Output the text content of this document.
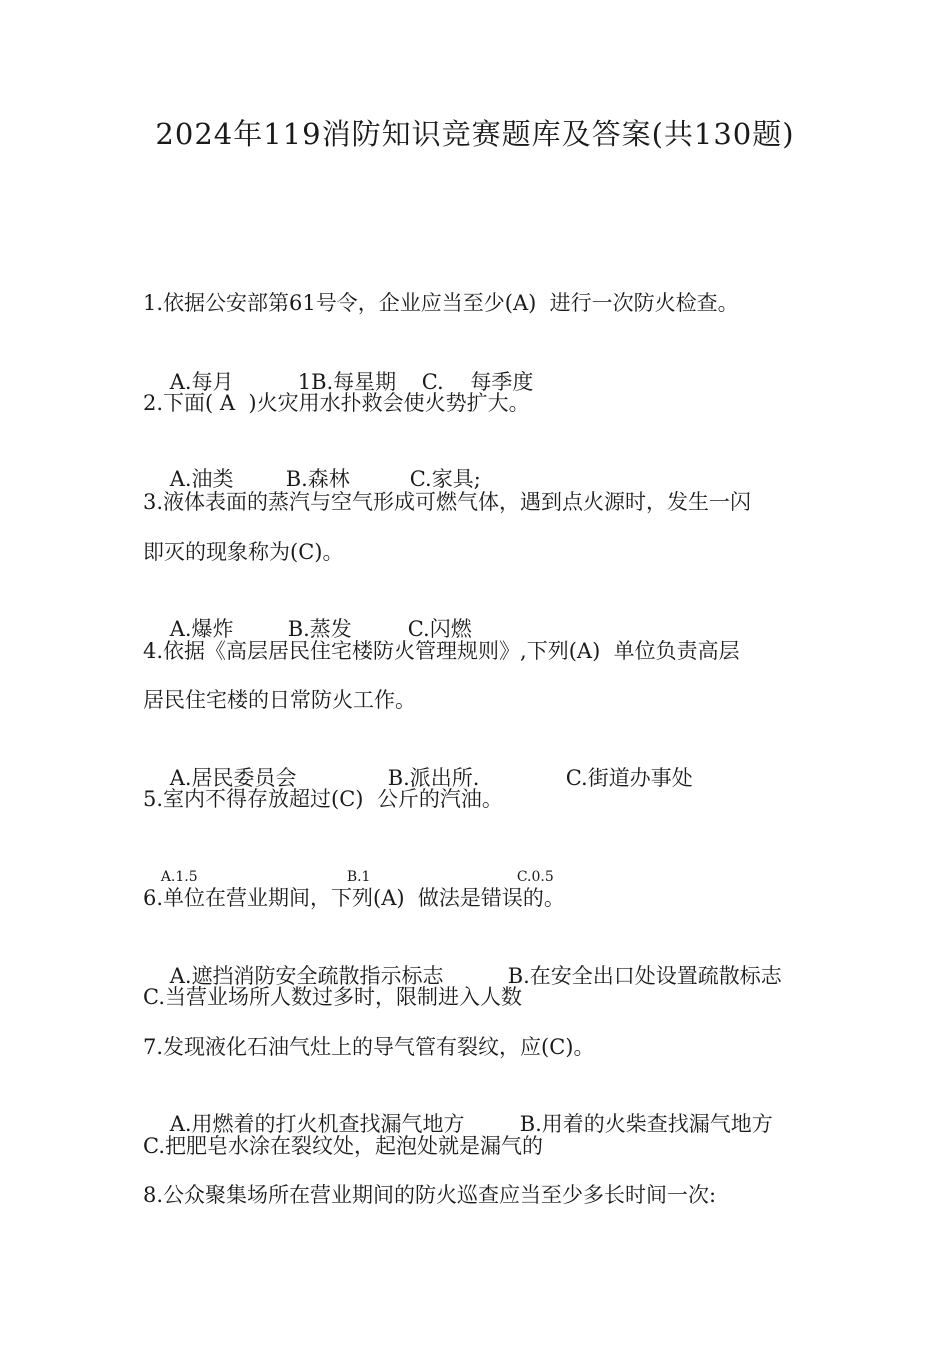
2024年119消防知识竞赛题库及答案(共130题)
1.依据公安部第61号令，企业应当至少(A)  进行一次防火检查。

A.每月	1B.每星期 C.    每季度

2.下面( A  )火灾用水扑救会使火势扩大。

A.油类 B.森林	C.家具;

3.液体表面的蒸汽与空气形成可燃气体，遇到点火源时，发生一闪
即灭的现象称为(C)。

A.爆炸	B.蒸发	C.闪燃

4.依据《高层居民住宅楼防火管理规则》,下列(A)  单位负责高层
居民住宅楼的日常防火工作。

A.居民委员会	B.派出所.	C.街道办事处

5.室内不得存放超过(C)  公斤的汽油。

A.1.5	B.1	C.0.5

6.单位在营业期间，下列(A)  做法是错误的。

A.遮挡消防安全疏散指示标志	B.在安全出口处设置疏散标志

C.当营业场所人数过多时，限制进入人数
7.发现液化石油气灶上的导气管有裂纹，应(C)。

A.用燃着的打火机查找漏气地方	B.用着的火柴查找漏气地方

C.把肥皂水涂在裂纹处，起泡处就是漏气的
8.公众聚集场所在营业期间的防火巡查应当至少多长时间一次:
